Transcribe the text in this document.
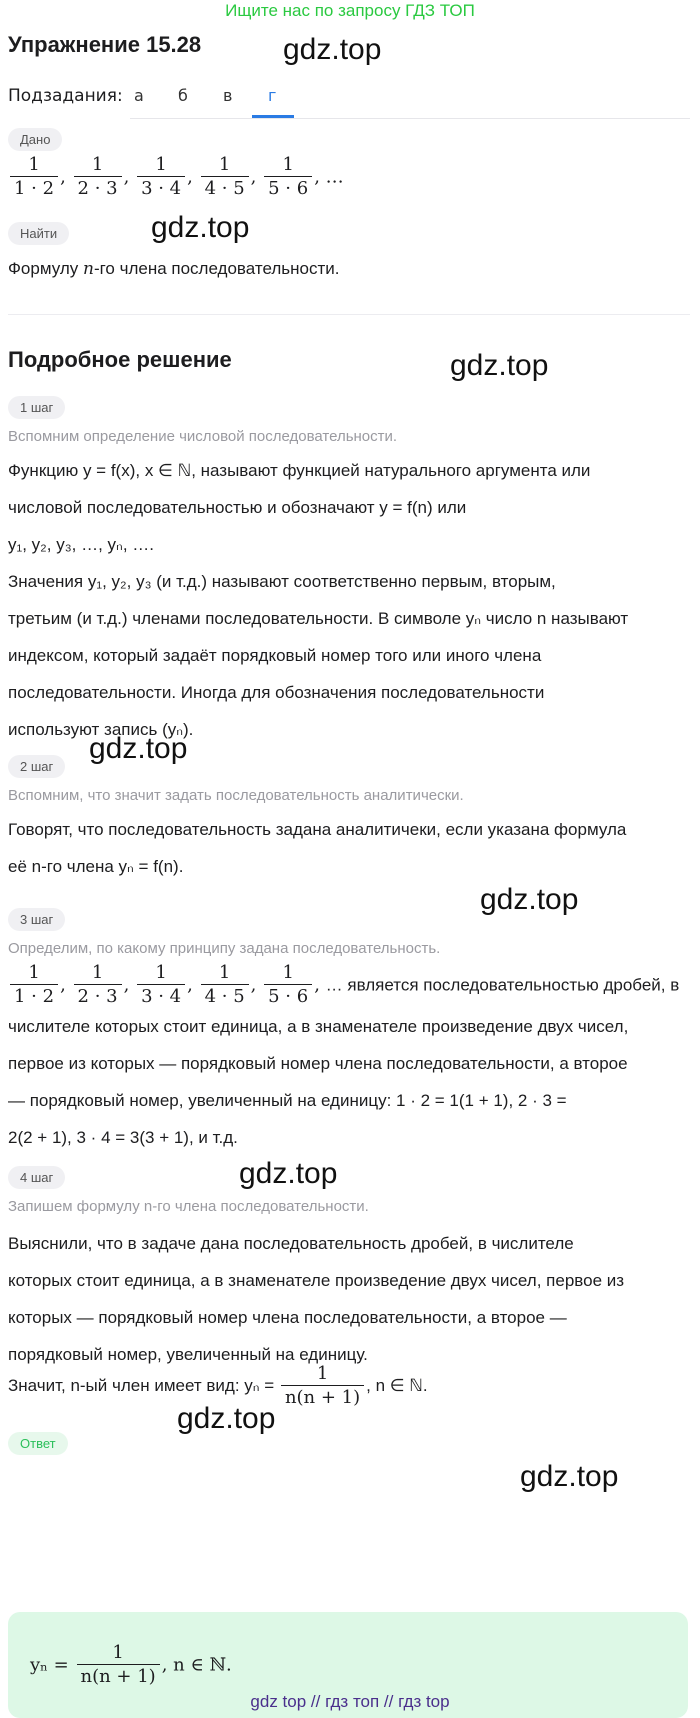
Ищите нас по запросу ГДЗ ТОП
Упражнение 15.28	gdz.top
gdz.top
gdz.top
gdz.top
gdz.top
gdz.top
gdz.top
gdz.top
Подзадания: а б в г
Дано
$\frac{1}{1 \cdot 2}$ , $\frac{1}{2 \cdot 3}$ , $\frac{1}{3 \cdot 4}$ , $\frac{1}{4 \cdot 5}$ , $\frac{1}{5 \cdot 6}$ , …
Найти
Формулу n-го члена последовательности.
Подробное решение
1 шаг
Вспомним определение числовой последовательности.
Функцию y = f(x), x ∈ ℕ, называют функцией натурального аргумента или
числовой последовательностью и обозначают y = f(n) или
y₁, y₂, y₃, …, yₙ, ….
Значения y₁, y₂, y₃ (и т.д.) называют соответственно первым, вторым,
третьим (и т.д.) членами последовательности. В символе yₙ число n называют
индексом, который задаёт порядковый номер того или иного члена
последовательности. Иногда для обозначения последовательности
используют запись (yₙ).
2 шаг
Вспомним, что значит задать последовательность аналитически.
Говорят, что последовательность задана аналитичеки, если указана формула
её n-го члена yₙ = f(n).
3 шаг
Определим, по какому принципу задана последовательность.
$\frac{1}{1 \cdot 2}$ , $\frac{1}{2 \cdot 3}$ , $\frac{1}{3 \cdot 4}$ , $\frac{1}{4 \cdot 5}$ , $\frac{1}{5 \cdot 6}$ , … является последовательностью дробей, в
числителе которых стоит единица, а в знаменателе произведение двух чисел,
первое из которых — порядковый номер члена последовательности, а второе
— порядковый номер, увеличенный на единицу: 1 · 2 = 1(1 + 1), 2 · 3 =
2(2 + 1), 3 · 4 = 3(3 + 1), и т.д.
4 шаг
Запишем формулу n-го члена последовательности.
Выяснили, что в задаче дана последовательность дробей, в числителе
которых стоит единица, а в знаменателе произведение двух чисел, первое из
которых — порядковый номер члена последовательности, а второе —
порядковый номер, увеличенный на единицу.
Значит, n-ый член имеет вид: $y_n = \frac{1}{n(n + 1)}$ , n ∈ ℕ.
Ответ
$y_n = \frac{1}{n(n + 1)}$ , n ∈ ℕ.
gdz top // гдз топ // гдз top
